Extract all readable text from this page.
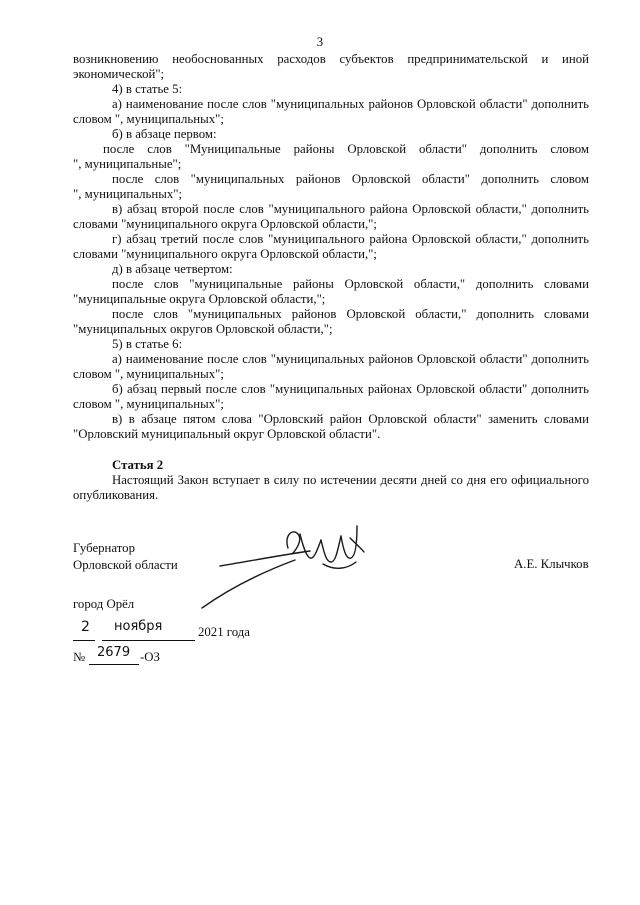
3

возникновению необоснованных расходов субъектов предпринимательской и иной

экономической";

4) в статье 5:

а) наименование после слов "муниципальных районов Орловской области" дополнить

словом ", муниципальных";

б) в абзаце первом:

после слов "Муниципальные районы Орловской области" дополнить словом

", муниципальные";

после слов "муниципальных районов Орловской области" дополнить словом

", муниципальных";

в) абзац второй после слов "муниципального района Орловской области," дополнить

словами "муниципального округа Орловской области,";

г) абзац третий после слов "муниципального района Орловской области," дополнить

словами "муниципального округа Орловской области,";

д) в абзаце четвертом:

после слов "муниципальные районы Орловской области," дополнить словами

"муниципальные округа Орловской области,";

после слов "муниципальных районов Орловской области," дополнить словами

"муниципальных округов Орловской области,";

5) в статье 6:

а) наименование после слов "муниципальных районов Орловской области" дополнить

словом ", муниципальных";

б) абзац первый после слов "муниципальных районах Орловской области" дополнить

словом ", муниципальных";

в) в абзаце пятом слова "Орловский район Орловской области" заменить словами

"Орловский муниципальный округ Орловской области".

Статья 2

Настоящий Закон вступает в силу по истечении десяти дней со дня его официального

опубликования.

Губернатор
Орловской области	А.Е. Клычков
город Орёл
2 ноября	2021 года
№ 2679 -ОЗ
